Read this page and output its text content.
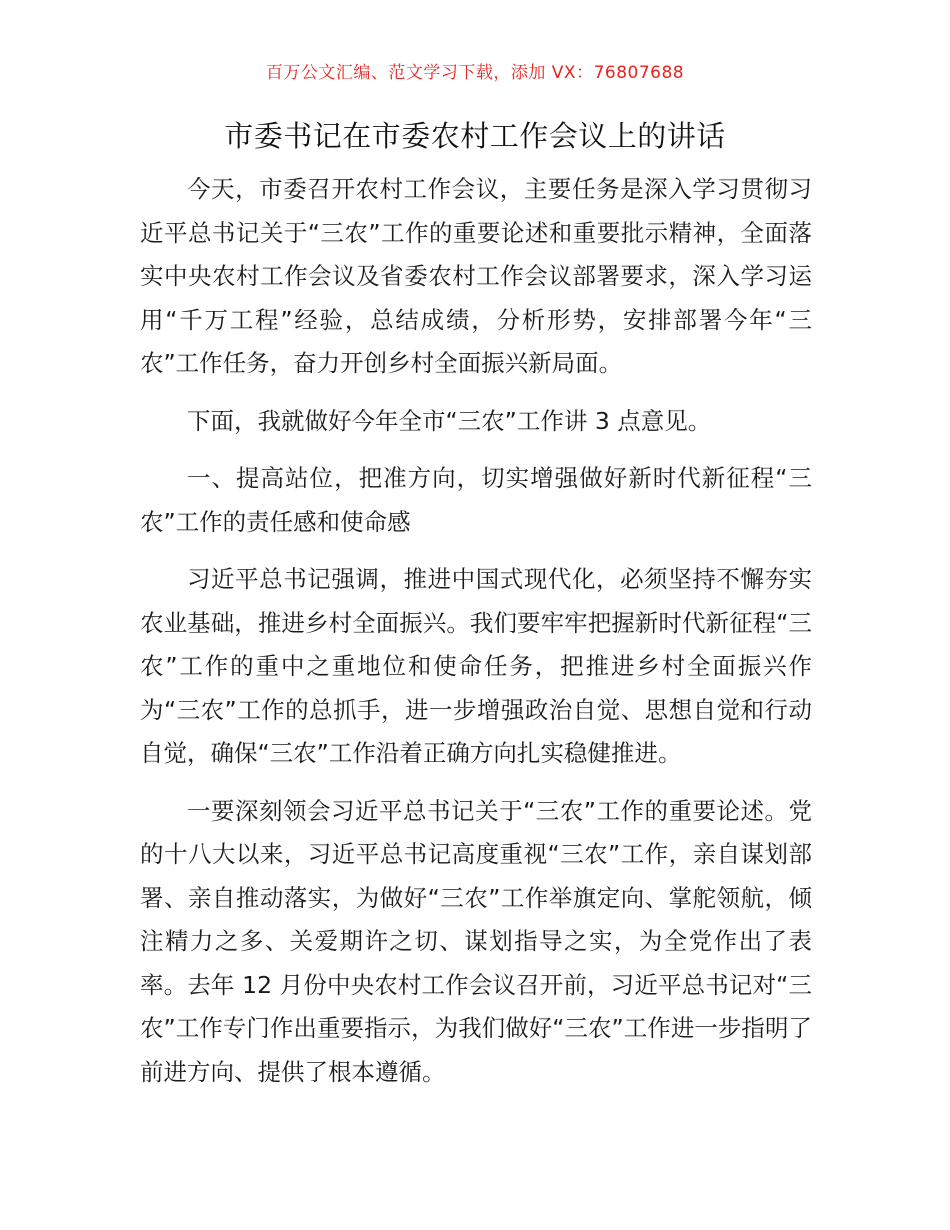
百万公文汇编、范文学习下载，添加 VX：76807688
市委书记在市委农村工作会议上的讲话

今天，市委召开农村工作会议，主要任务是深入学习贯彻习近平总书记关于“三农”工作的重要论述和重要批示精神，全面落实中央农村工作会议及省委农村工作会议部署要求，深入学习运用“千万工程”经验，总结成绩，分析形势，安排部署今年“三农”工作任务，奋力开创乡村全面振兴新局面。

下面，我就做好今年全市“三农”工作讲 3 点意见。

一、提高站位，把准方向，切实增强做好新时代新征程“三农”工作的责任感和使命感

习近平总书记强调，推进中国式现代化，必须坚持不懈夯实农业基础，推进乡村全面振兴。我们要牢牢把握新时代新征程“三农”工作的重中之重地位和使命任务，把推进乡村全面振兴作为“三农”工作的总抓手，进一步增强政治自觉、思想自觉和行动自觉，确保“三农”工作沿着正确方向扎实稳健推进。

一要深刻领会习近平总书记关于“三农”工作的重要论述。党的十八大以来，习近平总书记高度重视“三农”工作，亲自谋划部署、亲自推动落实，为做好“三农”工作举旗定向、掌舵领航，倾注精力之多、关爱期许之切、谋划指导之实，为全党作出了表率。去年 12 月份中央农村工作会议召开前，习近平总书记对“三农”工作专门作出重要指示，为我们做好“三农”工作进一步指明了前进方向、提供了根本遵循。
